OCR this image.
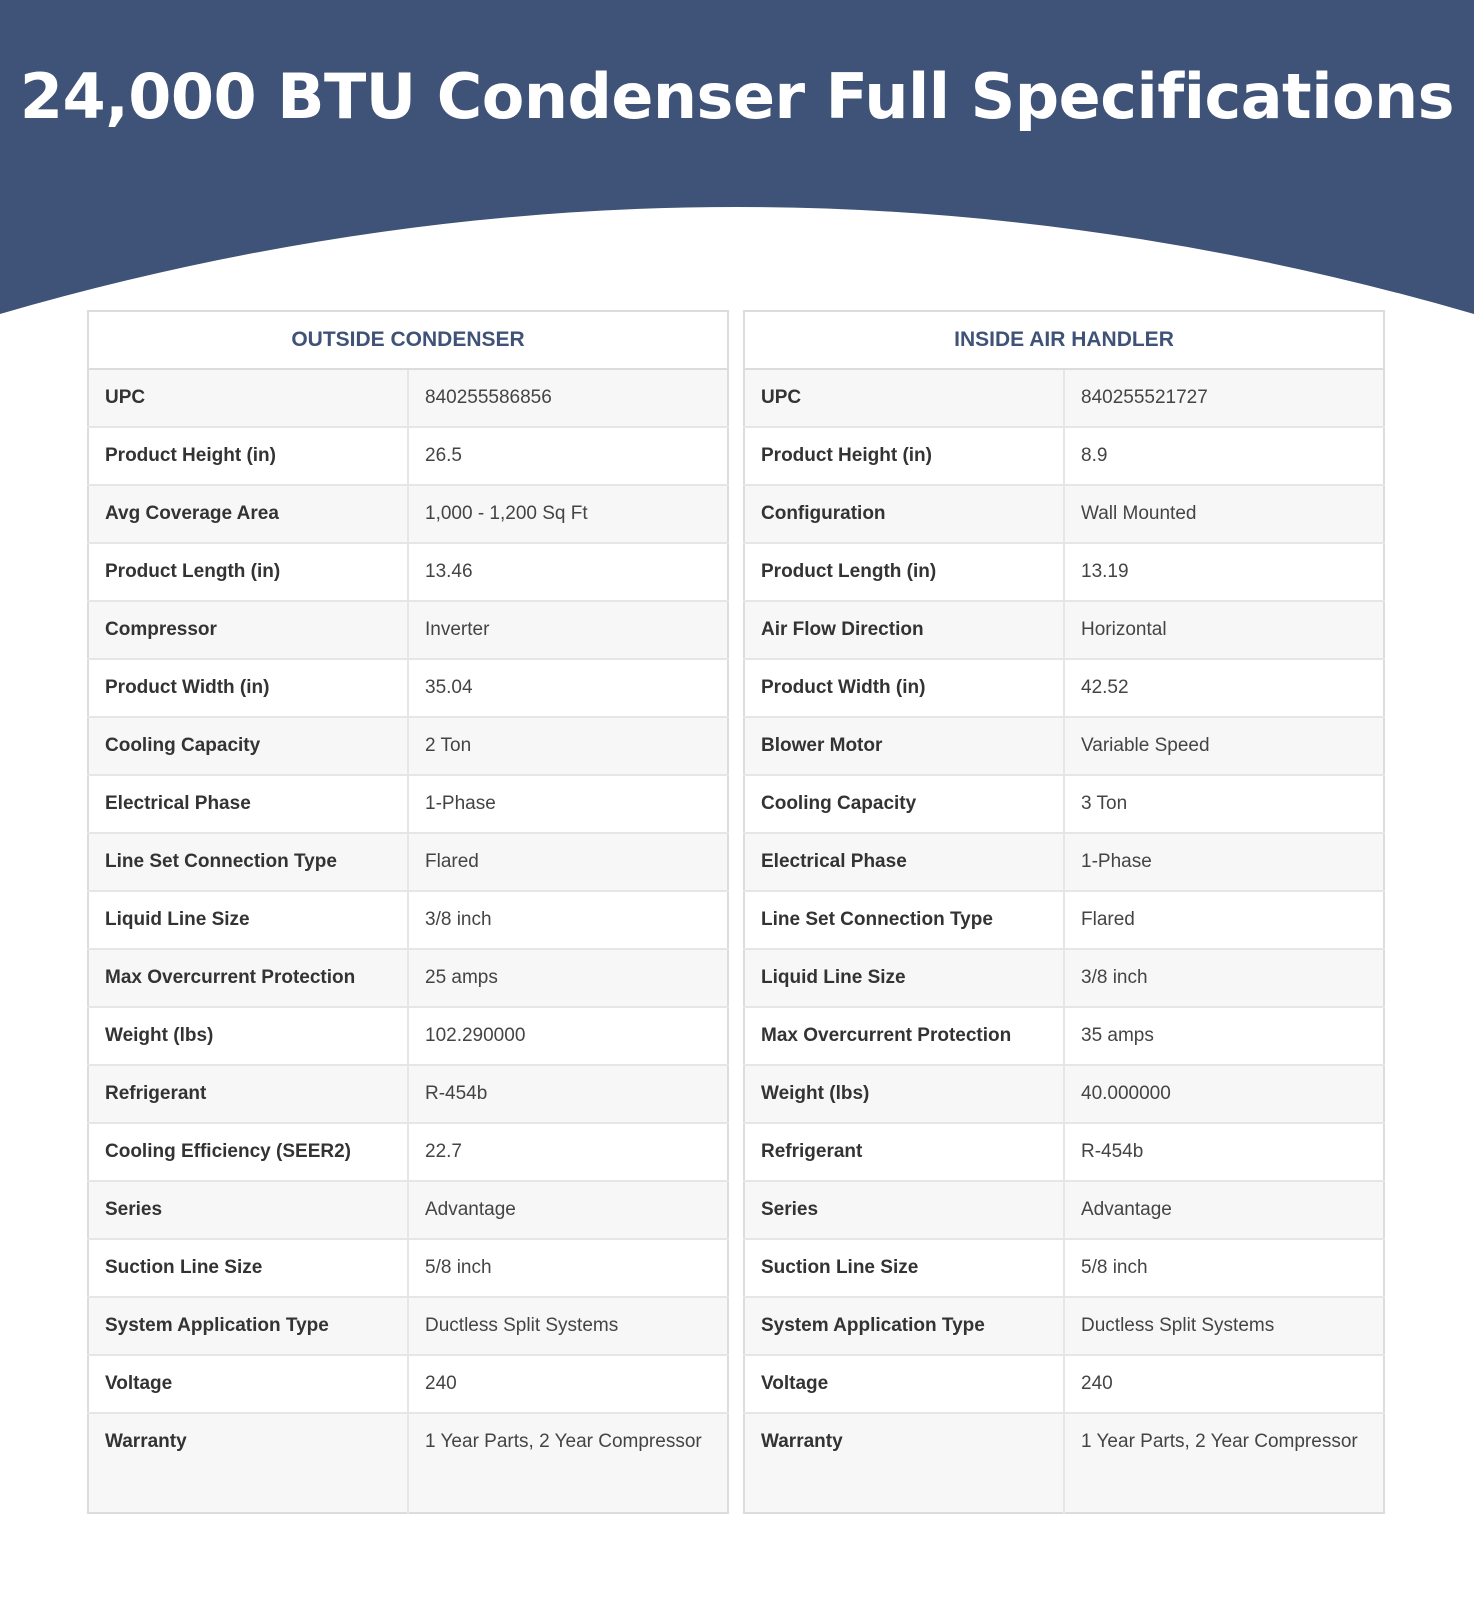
24,000 BTU Condenser Full Specifications
OUTSIDE CONDENSER	
UPC	840255586856
Product Height (in)	26.5
Avg Coverage Area	1,000 - 1,200 Sq Ft
Product Length (in)	13.46
Compressor	Inverter
Product Width (in)	35.04
Cooling Capacity	2 Ton
Electrical Phase	1-Phase
Line Set Connection Type	Flared
Liquid Line Size	3/8 inch
Max Overcurrent Protection	25 amps
Weight (lbs)	102.290000
Refrigerant	R-454b
Cooling Efficiency (SEER2)	22.7
Series	Advantage
Suction Line Size	5/8 inch
System Application Type	Ductless Split Systems
Voltage	240
Warranty	1 Year Parts, 2 Year Compressor
INSIDE AIR HANDLER	
UPC	840255521727
Product Height (in)	8.9
Configuration	Wall Mounted
Product Length (in)	13.19
Air Flow Direction	Horizontal
Product Width (in)	42.52
Blower Motor	Variable Speed
Cooling Capacity	3 Ton
Electrical Phase	1-Phase
Line Set Connection Type	Flared
Liquid Line Size	3/8 inch
Max Overcurrent Protection	35 amps
Weight (lbs)	40.000000
Refrigerant	R-454b
Series	Advantage
Suction Line Size	5/8 inch
System Application Type	Ductless Split Systems
Voltage	240
Warranty	1 Year Parts, 2 Year Compressor
